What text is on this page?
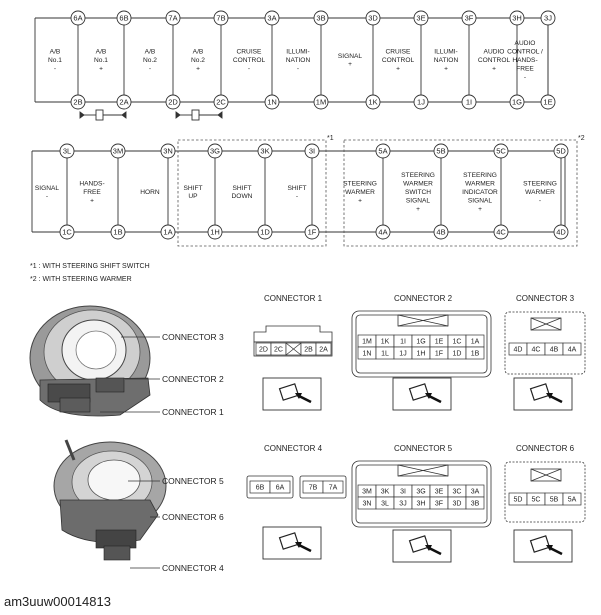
A/B No.1 -
A/B No.1 +
A/B No.2 -
A/B No.2 +
CRUISE CONTROL -
ILLUMI-NATION -
SIGNAL +
CRUISE CONTROL +
ILLUMI-NATION +
AUDIO CONTROL +
AUDIO CONTROL / HANDS-FREE -
6A
2B
6B
2A
7A
2D
7B
2C
3A
1N
3B
1M
3D
1K
3E
1J
3F
1I
3H
1G
3J
1E
*1	*2
SIGNAL -
HANDS-FREE +
HORN
SHIFT UP
SHIFT DOWN
SHIFT -
STEERING WARMER +
STEERING WARMER SWITCH SIGNAL +
STEERING WARMER INDICATOR SIGNAL +
STEERING WARMER -
3L
1C
3M
1B
3N
1A
3G
1H
3K
1D
3I
1F
5A
4A
5B
4B
5C
4C
5D
4D
*1 : WITH STEERING SHIFT SWITCH
*2 : WITH STEERING WARMER
CONNECTOR 3
CONNECTOR 2
CONNECTOR 1
CONNECTOR 5
CONNECTOR 6
CONNECTOR 4
CONNECTOR 1
2D 2C	2B 2A
CONNECTOR 2
1M 1K 1I 1G 1E 1C 1A
1N 1L 1J 1H 1F 1D 1B
CONNECTOR 3
4D 4C 4B 4A
CONNECTOR 4
6B 6A	7B 7A
CONNECTOR 5
3M 3K 3I 3G 3E 3C 3A
3N 3L 3J 3H 3F 3D 3B
CONNECTOR 6
5D 5C 5B 5A
am3uuw00014813
